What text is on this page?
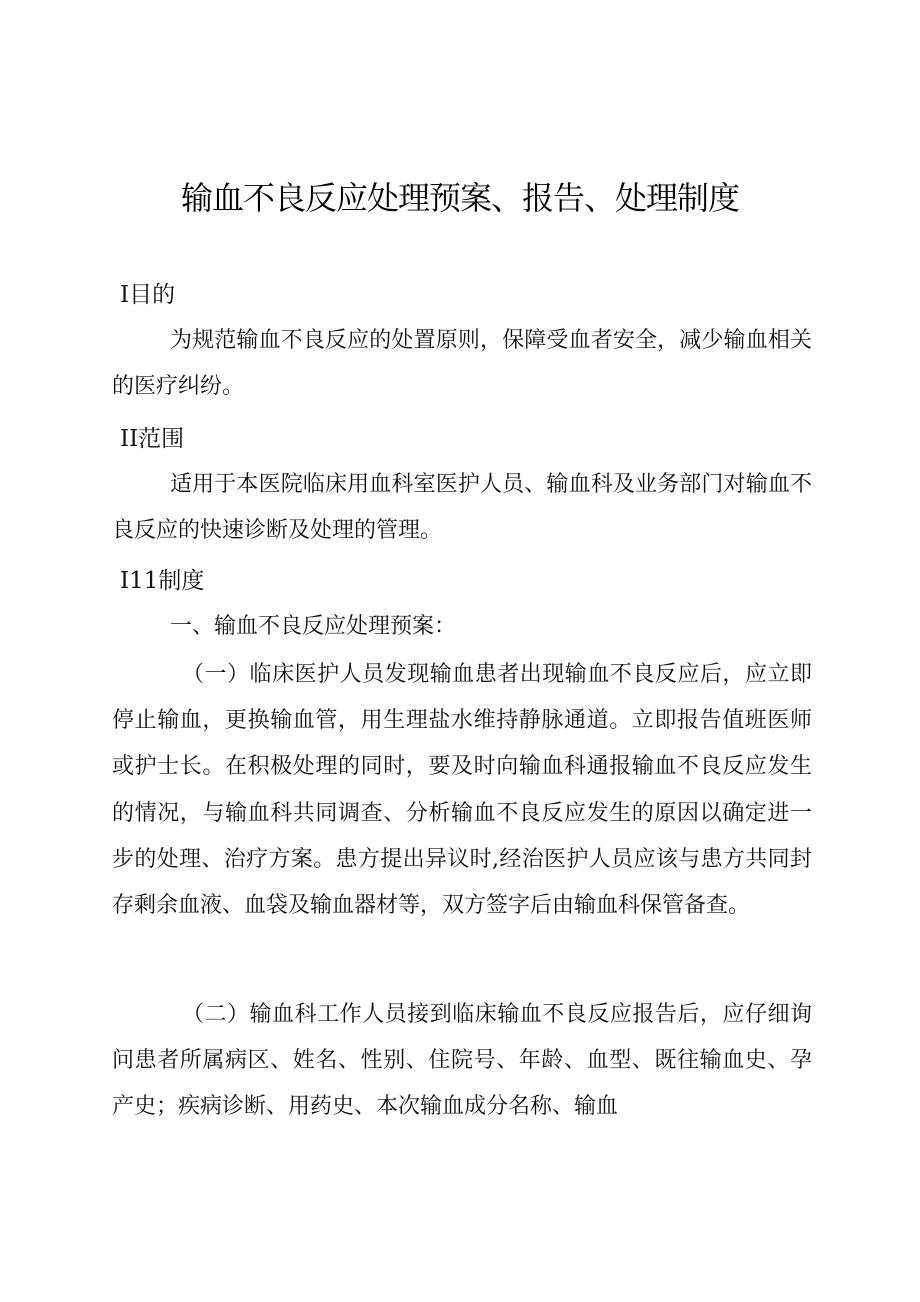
输血不良反应处理预案、报告、处理制度

I目的

为规范输血不良反应的处置原则，保障受血者安全，减少输血相关的医疗纠纷。

II范围

适用于本医院临床用血科室医护人员、输血科及业务部门对输血不良反应的快速诊断及处理的管理。

I11制度

一、输血不良反应处理预案：

（一）临床医护人员发现输血患者出现输血不良反应后，应立即停止输血，更换输血管，用生理盐水维持静脉通道。立即报告值班医师或护士长。在积极处理的同时，要及时向输血科通报输血不良反应发生的情况，与输血科共同调查、分析输血不良反应发生的原因以确定进一步的处理、治疗方案。患方提出异议时,经治医护人员应该与患方共同封存剩余血液、血袋及输血器材等，双方签字后由输血科保管备查。

（二）输血科工作人员接到临床输血不良反应报告后，应仔细询问患者所属病区、姓名、性别、住院号、年龄、血型、既往输血史、孕产史；疾病诊断、用药史、本次输血成分名称、输血
